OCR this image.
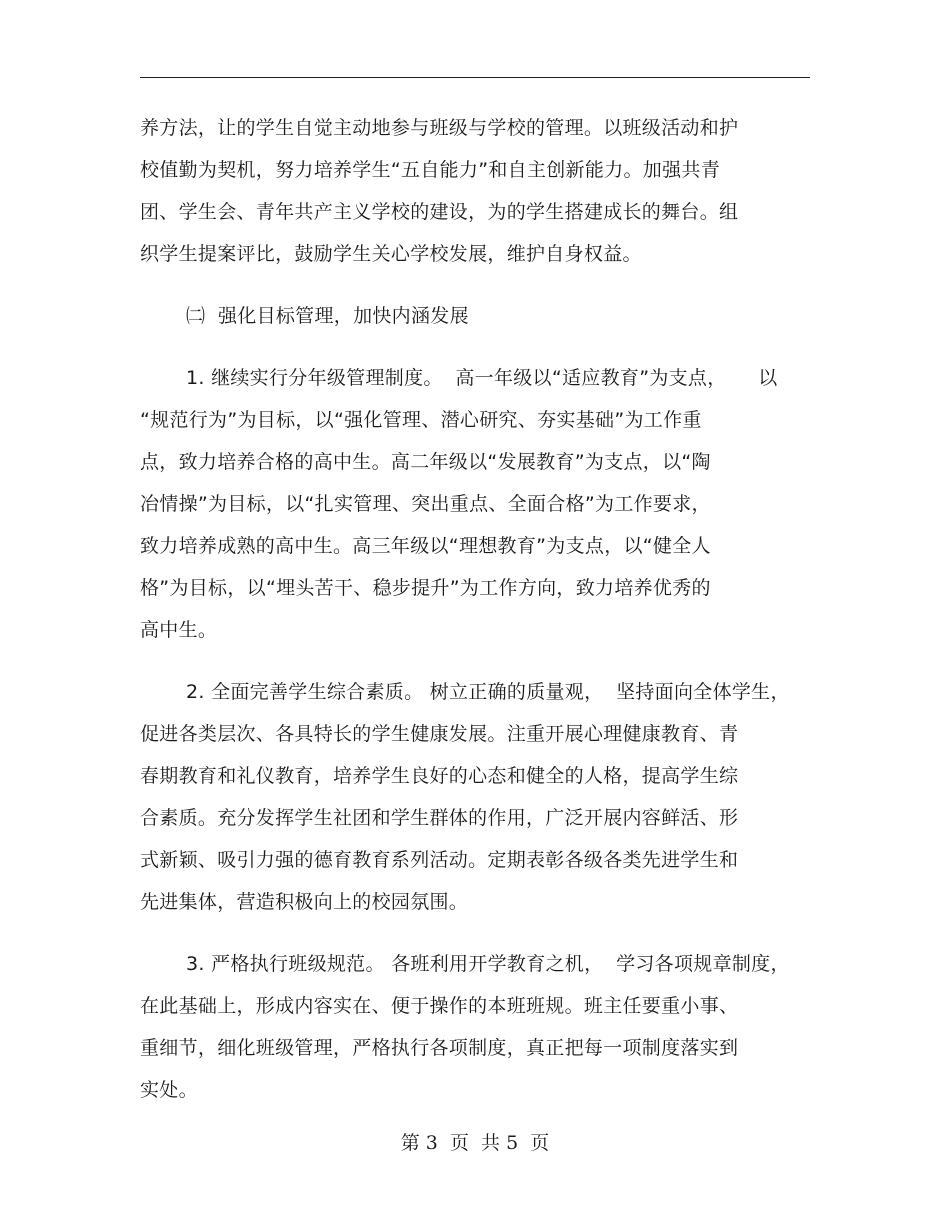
养方法，让的学生自觉主动地参与班级与学校的管理。以班级活动和护
校值勤为契机，努力培养学生“五自能力”和自主创新能力。加强共青
团、学生会、青年共产主义学校的建设，为的学生搭建成长的舞台。组
织学生提案评比，鼓励学生关心学校发展，维护自身权益。
㈡  强化目标管理，加快内涵发展
1. 继续实行分年级管理制度。  高一年级以“适应教育”为支点，     以
“规范行为”为目标，以“强化管理、潜心研究、夯实基础”为工作重
点，致力培养合格的高中生。高二年级以“发展教育”为支点，以“陶
冶情操”为目标，以“扎实管理、突出重点、全面合格”为工作要求，
致力培养成熟的高中生。高三年级以“理想教育”为支点，以“健全人
格”为目标，以“埋头苦干、稳步提升”为工作方向，致力培养优秀的
高中生。
2. 全面完善学生综合素质。 树立正确的质量观，  坚持面向全体学生，
促进各类层次、各具特长的学生健康发展。注重开展心理健康教育、青
春期教育和礼仪教育，培养学生良好的心态和健全的人格，提高学生综
合素质。充分发挥学生社团和学生群体的作用，广泛开展内容鲜活、形
式新颖、吸引力强的德育教育系列活动。定期表彰各级各类先进学生和
先进集体，营造积极向上的校园氛围。
3. 严格执行班级规范。 各班利用开学教育之机，  学习各项规章制度，
在此基础上，形成内容实在、便于操作的本班班规。班主任要重小事、
重细节，细化班级管理，严格执行各项制度，真正把每一项制度落实到
实处。
第 3  页  共 5  页
